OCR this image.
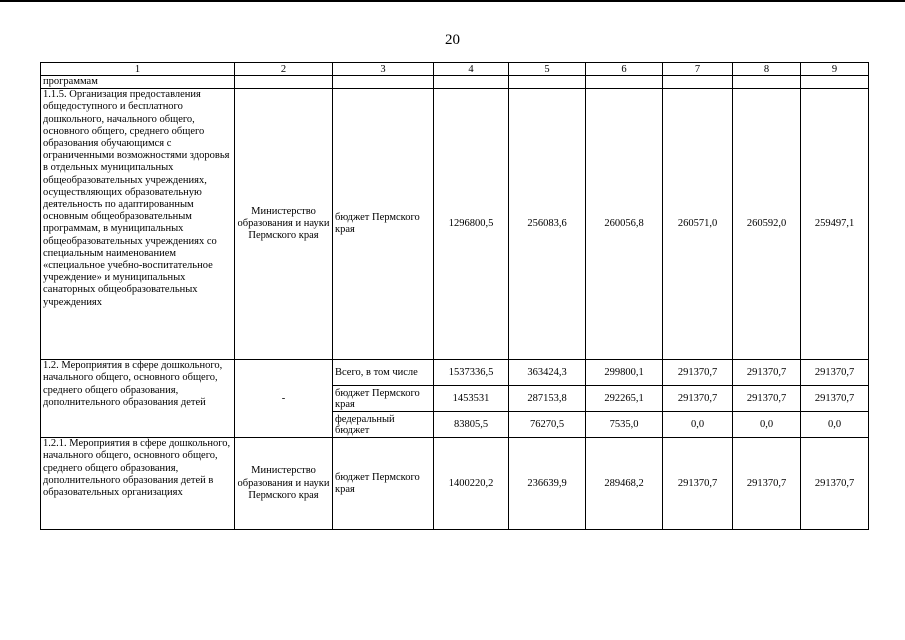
20
1	2	3	4	5	6	7	8	9
программам								
1.1.5. Организация предоставления общедоступного и бесплатного дошкольного, начального общего, основного общего, среднего общего образования обучающимся с ограниченными возможностями здоровья в отдельных муниципальных общеобразовательных учреждениях, осуществляющих образовательную деятельность по адаптированным основным общеобразовательным программам, в муниципальных общеобразовательных учреждениях со специальным наименованием «специальное учебно-воспитательное учреждение» и муниципальных санаторных общеобразовательных учреждениях	Министерство образования и науки Пермского края	бюджет Пермского края	1296800,5	256083,6	260056,8	260571,0	260592,0	259497,1
1.2. Мероприятия в сфере дошкольного, начального общего, основного общего, среднего общего образования, дополнительного образования детей	-	Всего, в том числе	1537336,5	363424,3	299800,1	291370,7	291370,7	291370,7
		бюджет Пермского края	1453531	287153,8	292265,1	291370,7	291370,7	291370,7
		федеральный бюджет	83805,5	76270,5	7535,0	0,0	0,0	0,0
1.2.1. Мероприятия в сфере дошкольного, начального общего, основного общего, среднего общего образования, дополнительного образования детей в образовательных организациях	Министерство образования и науки Пермского края	бюджет Пермского края	1400220,2	236639,9	289468,2	291370,7	291370,7	291370,7
